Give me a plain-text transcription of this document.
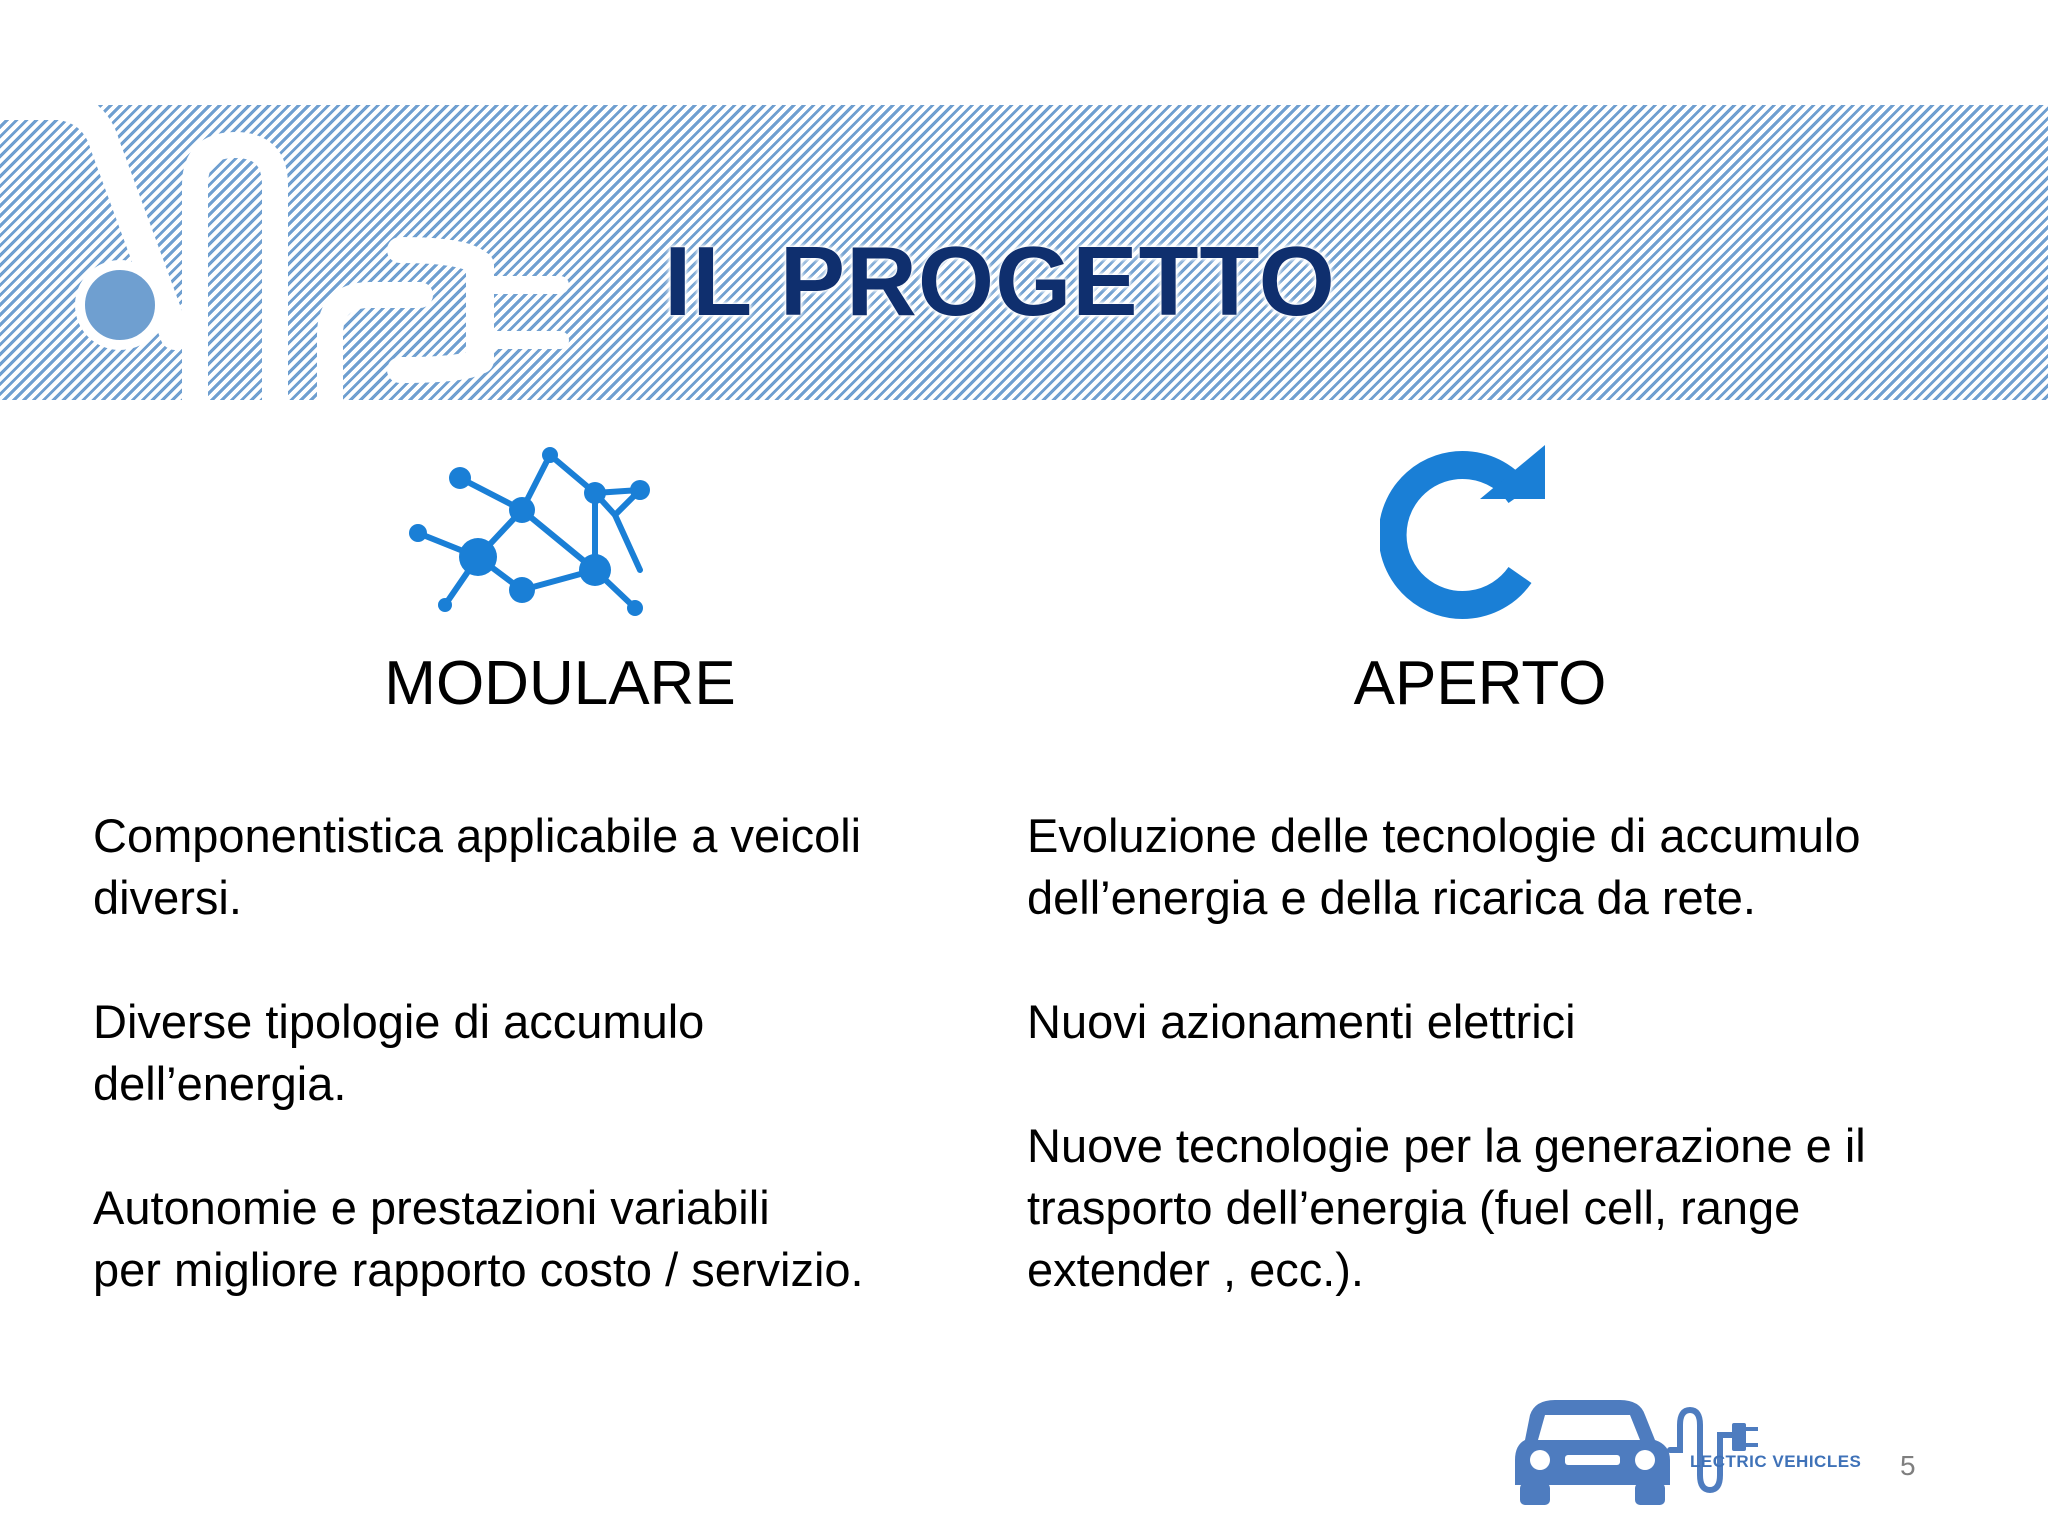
IL PROGETTO
MODULARE	APERTO

Componentistica applicabile a veicoli
diversi.

Diverse tipologie di accumulo
dell’energia.

Autonomie e prestazioni variabili
per migliore rapporto costo / servizio.

Evoluzione delle tecnologie di accumulo
dell’energia e della ricarica da rete.

Nuovi azionamenti elettrici

Nuove tecnologie per la generazione e il
trasporto dell’energia (fuel cell, range
extender , ecc.).

LECTRIC VEHICLES 5
